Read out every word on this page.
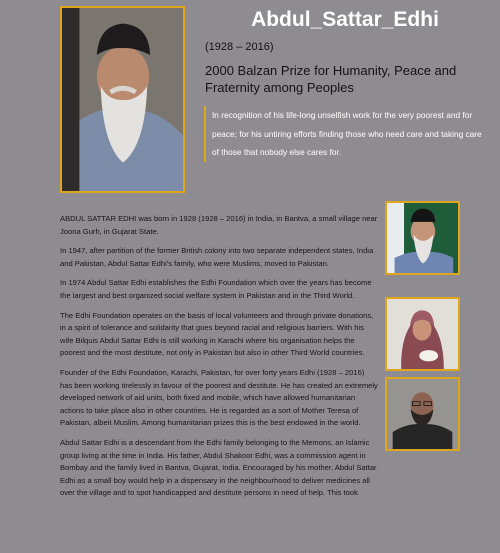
Abdul_Sattar_Edhi

(1928 – 2016)

2000 Balzan Prize for Humanity, Peace and Fraternity among Peoples

In recognition of his life-long unselfish work for the very poorest and for peace; for his untiring efforts finding those who need care and taking care of those that nobody else cares for.

ABDUL SATTAR EDHI was born in 1928 (1928 – 2016) in India, in Bantva, a small village near Joona Gurh, in Gujarat State.

In 1947, after partition of the former British colony into two separate independent states, India and Pakistan, Abdul Sattar Edhi's family, who were Muslims, moved to Pakistan.

In 1974 Abdul Sattar Edhi establishes the Edhi Foundation which over the years has become the largest and best organized social welfare system in Pakistan and in the Third World.

The Edhi Foundation operates on the basis of local volunteers and through private donations, in a spirit of tolerance and solidarity that goes beyond racial and religious barriers. With his wife Bilquis Abdul Sattar Edhi is still working in Karachi where his organisation helps the poorest and the most destitute, not only in Pakistan but also in other Third World countries.

Founder of the Edhi Foundation, Karachi, Pakistan, for over forty years Edhi (1928 – 2016) has been working tirelessly in favour of the poorest and destitute. He has created an extremely developed network of aid units, both fixed and mobile, which have allowed humanitarian actions to take place also in other countries. He is regarded as a sort of Mother Teresa of Pakistan, albeit Muslim. Among humanitarian prizes this is the best endowed in the world.

Abdul Sattar Edhi is a descendant from the Edhi family belonging to the Memons, an Islamic group living at the time in India. His father, Abdul Shakoor Edhi, was a commission agent in Bombay and the family lived in Bantva, Gujarat, India. Encouraged by his mother, Abdul Sattar Edhi as a small boy would help in a dispensary in the neighbourhood to deliver medicines all over the village and to spot handicapped and destitute persons in need of help. This took
